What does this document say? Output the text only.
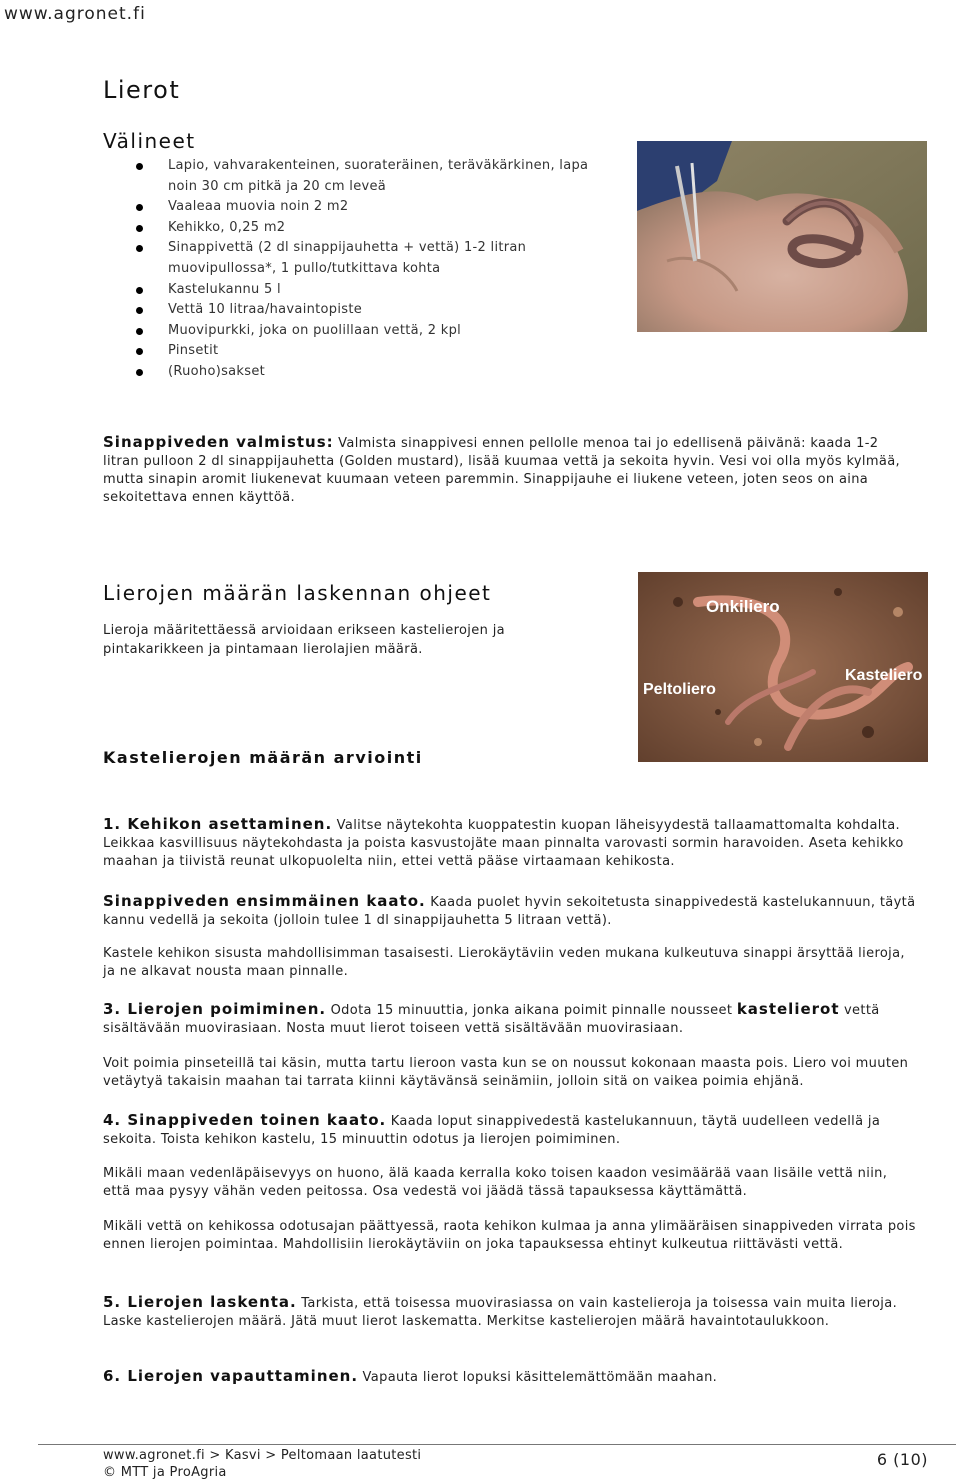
www.agronet.fi
Lierot
Välineet
Lapio, vahvarakenteinen, suorateräinen, teräväkärkinen, lapa noin 30 cm pitkä ja 20 cm leveä
Vaaleaa muovia noin 2 m2
Kehikko, 0,25 m2
Sinappivettä (2 dl sinappijauhetta + vettä) 1-2 litran muovipullossa*, 1 pullo/tutkittava kohta
Kastelukannu 5 l
Vettä 10 litraa/havaintopiste
Muovipurkki, joka on puolillaan vettä, 2 kpl
Pinsetit
(Ruoho)sakset

Sinappiveden valmistus: Valmista sinappivesi ennen pellolle menoa tai jo edellisenä päivänä: kaada 1-2 litran pulloon 2 dl sinappijauhetta (Golden mustard), lisää kuumaa vettä ja sekoita hyvin. Vesi voi olla myös kylmää, mutta sinapin aromit liukenevat kuumaan veteen paremmin. Sinappijauhe ei liukene veteen, joten seos on aina sekoitettava ennen käyttöä.

Lierojen määrän laskennan ohjeet

Lieroja määritettäessä arvioidaan erikseen kastelierojen ja pintakarikkeen ja pintamaan lierolajien määrä.

Onkiliero
Peltoliero
Kasteliero
Kastelierojen määrän arviointi

1. Kehikon asettaminen. Valitse näytekohta kuoppatestin kuopan läheisyydestä tallaamattomalta kohdalta. Leikkaa kasvillisuus näytekohdasta ja poista kasvustojäte maan pinnalta varovasti sormin haravoiden. Aseta kehikko maahan ja tiivistä reunat ulkopuolelta niin, ettei vettä pääse virtaamaan kehikosta.

Sinappiveden ensimmäinen kaato. Kaada puolet hyvin sekoitetusta sinappivedestä kastelukannuun, täytä kannu vedellä ja sekoita (jolloin tulee 1 dl sinappijauhetta 5 litraan vettä).

Kastele kehikon sisusta mahdollisimman tasaisesti. Lierokäytäviin veden mukana kulkeutuva sinappi ärsyttää lieroja, ja ne alkavat nousta maan pinnalle.

3. Lierojen poimiminen. Odota 15 minuuttia, jonka aikana poimit pinnalle nousseet kastelierot vettä sisältävään muovirasiaan. Nosta muut lierot toiseen vettä sisältävään muovirasiaan.

Voit poimia pinseteillä tai käsin, mutta tartu lieroon vasta kun se on noussut kokonaan maasta pois. Liero voi muuten vetäytyä takaisin maahan tai tarrata kiinni käytävänsä seinämiin, jolloin sitä on vaikea poimia ehjänä.

4. Sinappiveden toinen kaato. Kaada loput sinappivedestä kastelukannuun, täytä uudelleen vedellä ja sekoita. Toista kehikon kastelu, 15 minuuttin odotus ja lierojen poimiminen.

Mikäli maan vedenläpäisevyys on huono, älä kaada kerralla koko toisen kaadon vesimäärää vaan lisäile vettä niin, että maa pysyy vähän veden peitossa. Osa vedestä voi jäädä tässä tapauksessa käyttämättä.

Mikäli vettä on kehikossa odotusajan päättyessä, raota kehikon kulmaa ja anna ylimääräisen sinappiveden virrata pois ennen lierojen poimintaa. Mahdollisiin lierokäytäviin on joka tapauksessa ehtinyt kulkeutua riittävästi vettä.

5. Lierojen laskenta. Tarkista, että toisessa muovirasiassa on vain kastelieroja ja toisessa vain muita lieroja. Laske kastelierojen määrä. Jätä muut lierot laskematta. Merkitse kastelierojen määrä havaintotaulukkoon.

6. Lierojen vapauttaminen. Vapauta lierot lopuksi käsittelemättömään maahan.

www.agronet.fi > Kasvi > Peltomaan laatutesti
© MTT ja ProAgria
6 (10)
